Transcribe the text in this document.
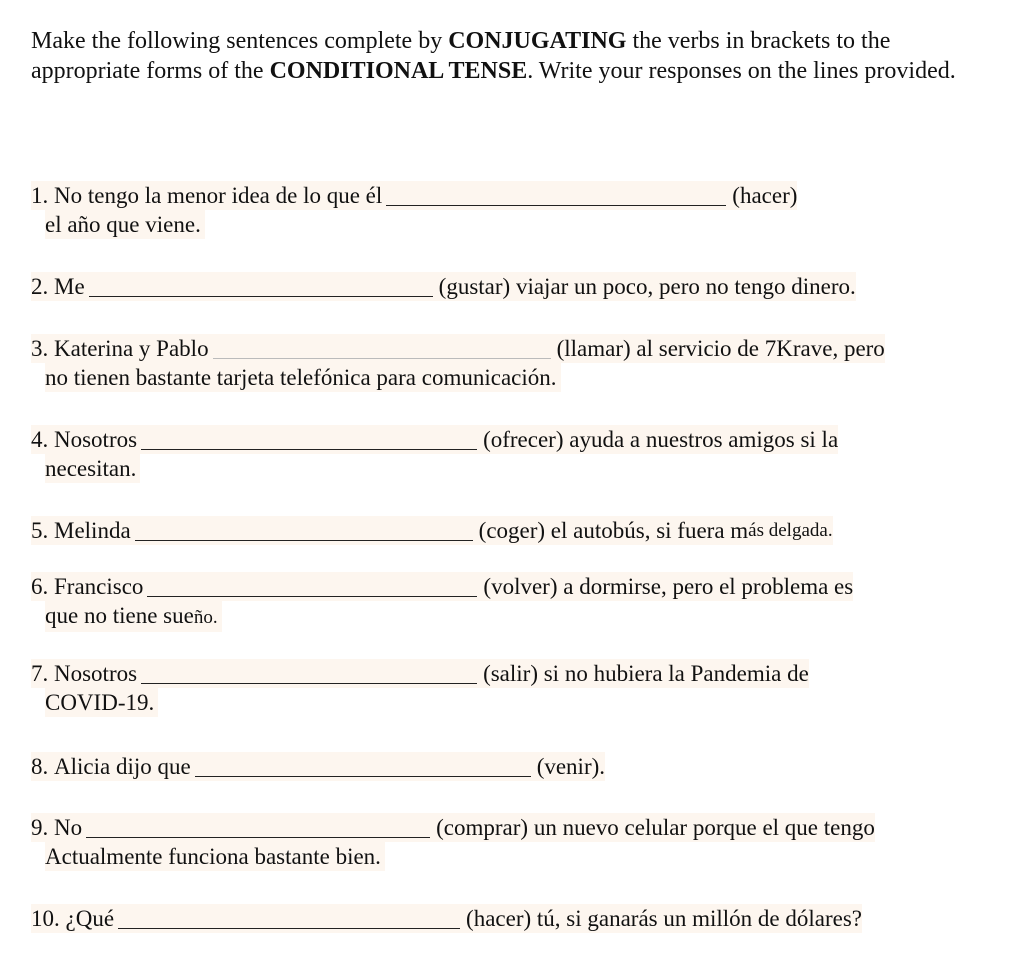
Make the following sentences complete by CONJUGATING the verbs in brackets to the appropriate forms of the CONDITIONAL TENSE. Write your responses on the lines provided.
1.
No tengo la menor idea de lo que él	(hacer)
el año que viene.
2.
Me	(gustar) viajar un poco, pero no tengo dinero.
3.
Katerina y Pablo	(llamar) al servicio de 7Krave, pero
no tienen bastante tarjeta telefónica para comunicación.
4.
Nosotros	(ofrecer) ayuda a nuestros amigos si la
necesitan.
5.
Melinda	(coger) el autobús, si fuera m ás delgada.
6.
Francisco	(volver) a dormirse, pero el problema es
que no tiene sueño.
7.
Nosotros	(salir) si no hubiera la Pandemia de
COVID-19.
8.
Alicia dijo que	(venir).
9.
No	(comprar) un nuevo celular porque el que tengo
Actualmente funciona bastante bien.
10.
¿Qué	(hacer) tú, si ganarás un millón de dólares?
